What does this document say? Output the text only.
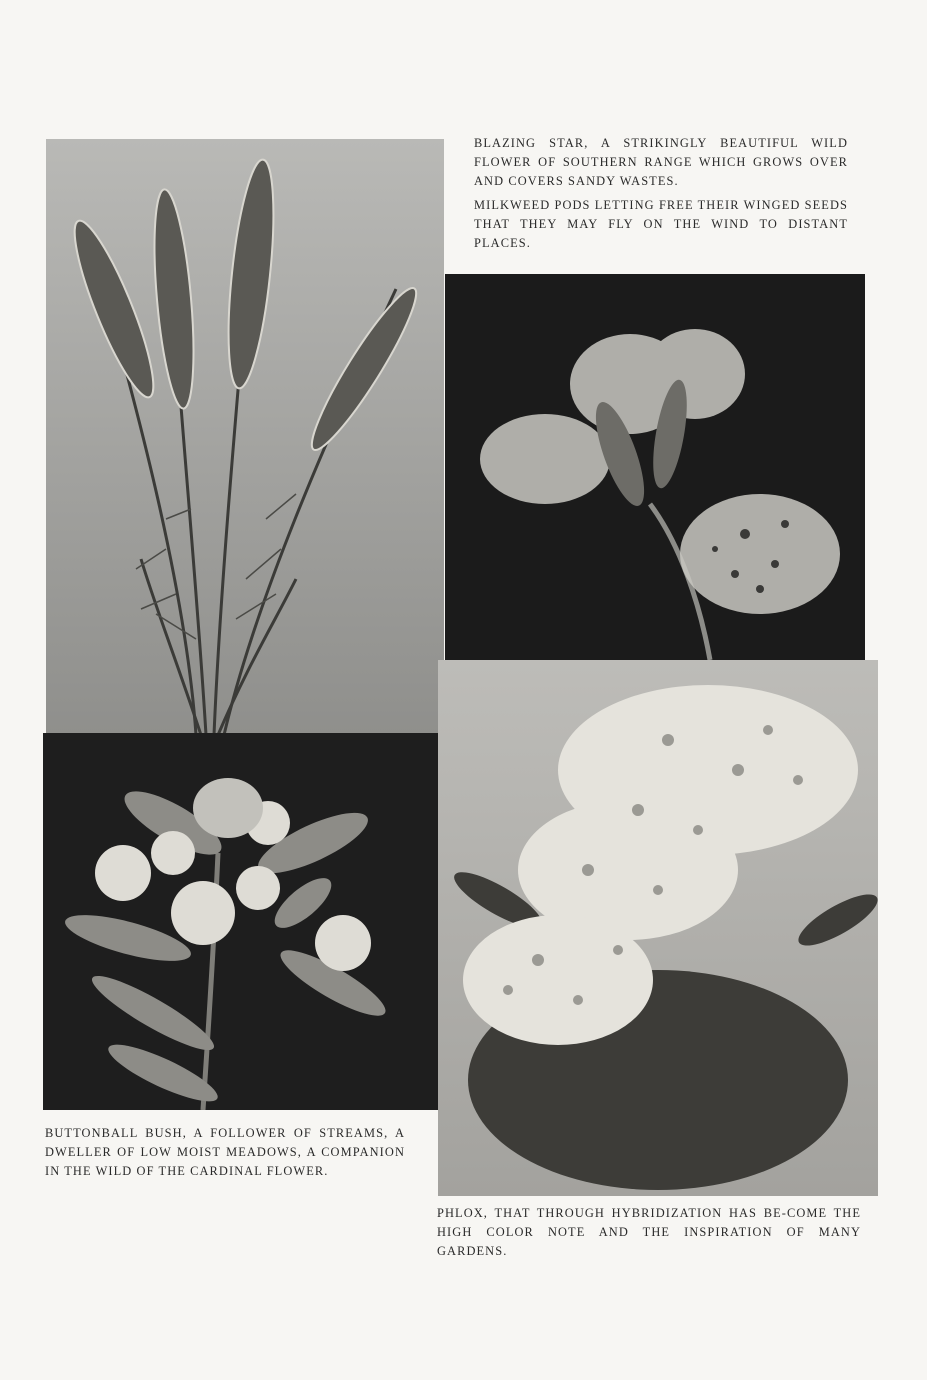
BLAZING STAR, A STRIKINGLY BEAUTIFUL WILD FLOWER OF SOUTHERN RANGE WHICH GROWS OVER AND COVERS SANDY WASTES.

MILKWEED PODS LETTING FREE THEIR WINGED SEEDS THAT THEY MAY FLY ON THE WIND TO DISTANT PLACES.

BUTTONBALL BUSH, A FOLLOWER OF STREAMS, A DWELLER OF LOW MOIST MEADOWS, A COMPANION IN THE WILD OF THE CARDINAL FLOWER.

PHLOX, THAT THROUGH HYBRIDIZATION HAS BE-COME THE HIGH COLOR NOTE AND THE INSPIRATION OF MANY GARDENS.
